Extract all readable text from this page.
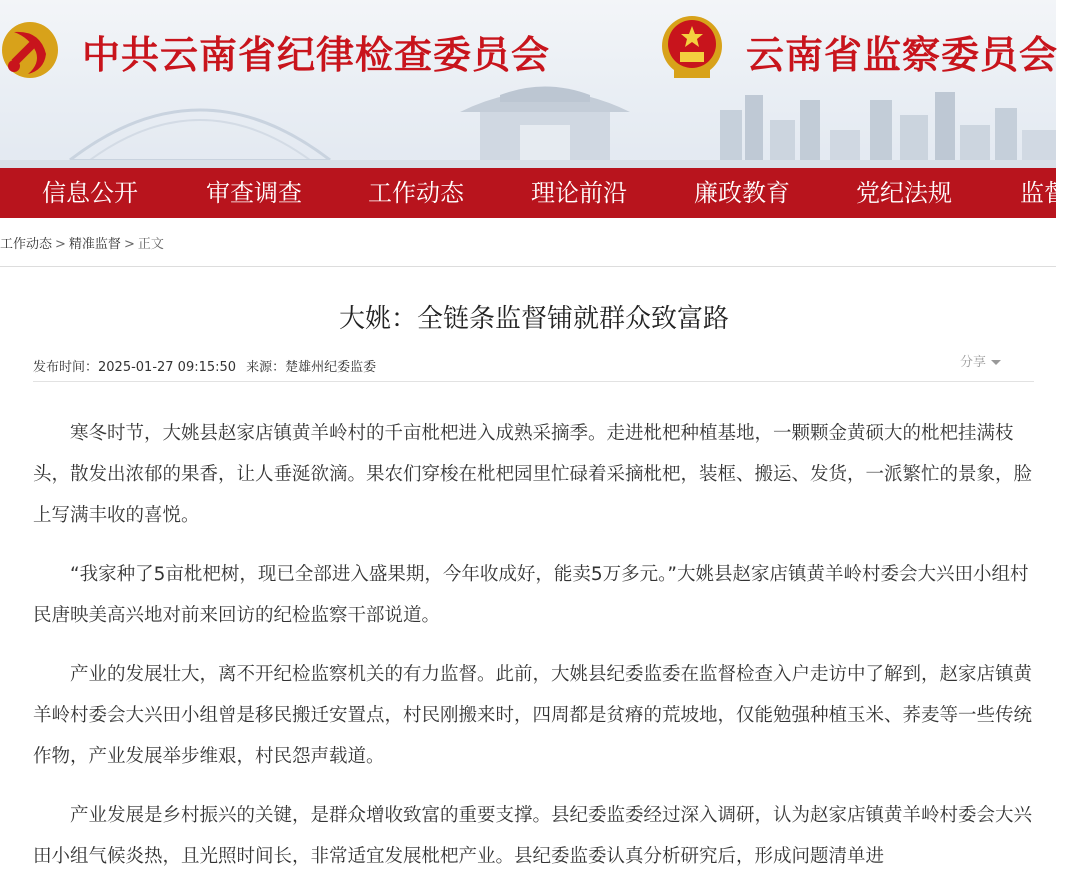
中共云南省纪律检查委员会	云南省监察委员会
信息公开	审查调查	工作动态	理论前沿	廉政教育	党纪法规	监督
工作动态 > 精准监督 > 正文
大姚：全链条监督铺就群众致富路
发布时间：2025-01-27 09:15:50 来源：楚雄州纪委监委	分享

寒冬时节，大姚县赵家店镇黄羊岭村的千亩枇杷进入成熟采摘季。走进枇杷种植基地，一颗颗金黄硕大的枇杷挂满枝头，散发出浓郁的果香，让人垂涎欲滴。果农们穿梭在枇杷园里忙碌着采摘枇杷，装框、搬运、发货，一派繁忙的景象，脸上写满丰收的喜悦。

“我家种了5亩枇杷树，现已全部进入盛果期，今年收成好，能卖5万多元。”大姚县赵家店镇黄羊岭村委会大兴田小组村民唐映美高兴地对前来回访的纪检监察干部说道。

产业的发展壮大，离不开纪检监察机关的有力监督。此前，大姚县纪委监委在监督检查入户走访中了解到，赵家店镇黄羊岭村委会大兴田小组曾是移民搬迁安置点，村民刚搬来时，四周都是贫瘠的荒坡地，仅能勉强种植玉米、荞麦等一些传统作物，产业发展举步维艰，村民怨声载道。

产业发展是乡村振兴的关键，是群众增收致富的重要支撑。县纪委监委经过深入调研，认为赵家店镇黄羊岭村委会大兴田小组气候炎热，且光照时间长，非常适宜发展枇杷产业。县纪委监委认真分析研究后，形成问题清单进
